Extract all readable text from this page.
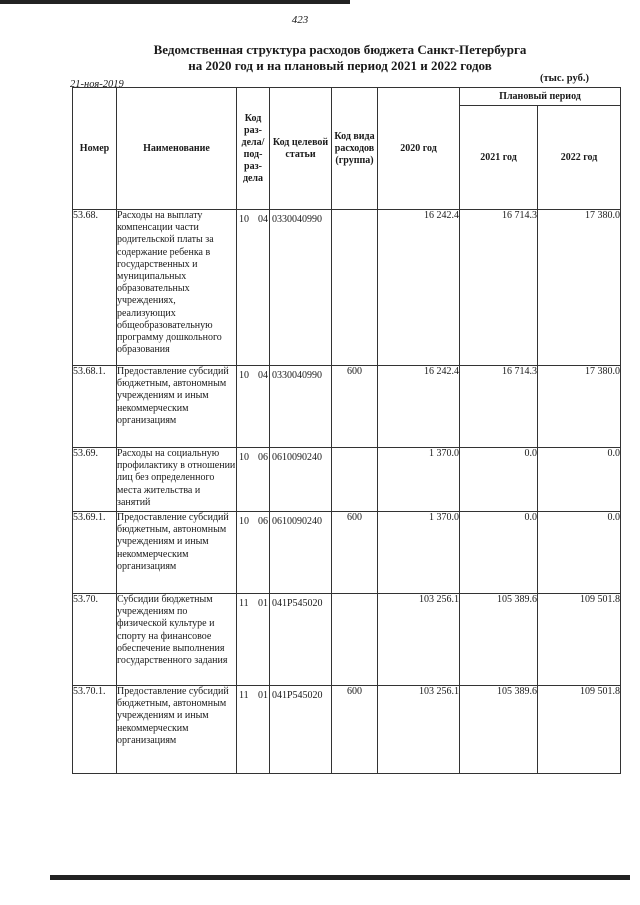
423
Ведомственная структура расходов бюджета Санкт-Петербурга
на 2020 год и на плановый период 2021 и 2022 годов
21-ноя-2019
(тыс. руб.)
Номер	Наименование	Код раз-дела/ под-раз-дела	Код целевой статьи	Код вида расходов (группа)	2020 год	Плановый период	
						2021 год	2022 год

53.68.	Расходы на выплату компенсации части родительской платы за содержание ребенка в государственных и муниципальных образовательных учреждениях, реализующих общеобразовательную программу дошкольного образования	10 04	0330040990		16 242.4	16 714.3	17 380.0
53.68.1.	Предоставление субсидий бюджетным, автономным учреждениям и иным некоммерческим организациям	10 04	0330040990	600	16 242.4	16 714.3	17 380.0
53.69.	Расходы на социальную профилактику в отношении лиц без определенного места жительства и занятий	10 06	0610090240		1 370.0	0.0	0.0
53.69.1.	Предоставление субсидий бюджетным, автономным учреждениям и иным некоммерческим организациям	10 06	0610090240	600	1 370.0	0.0	0.0
53.70.	Субсидии бюджетным учреждениям по физической культуре и спорту на финансовое обеспечение выполнения государственного задания	11 01	041P545020		103 256.1	105 389.6	109 501.8
53.70.1.	Предоставление субсидий бюджетным, автономным учреждениям и иным некоммерческим организациям	11 01	041P545020	600	103 256.1	105 389.6	109 501.8
